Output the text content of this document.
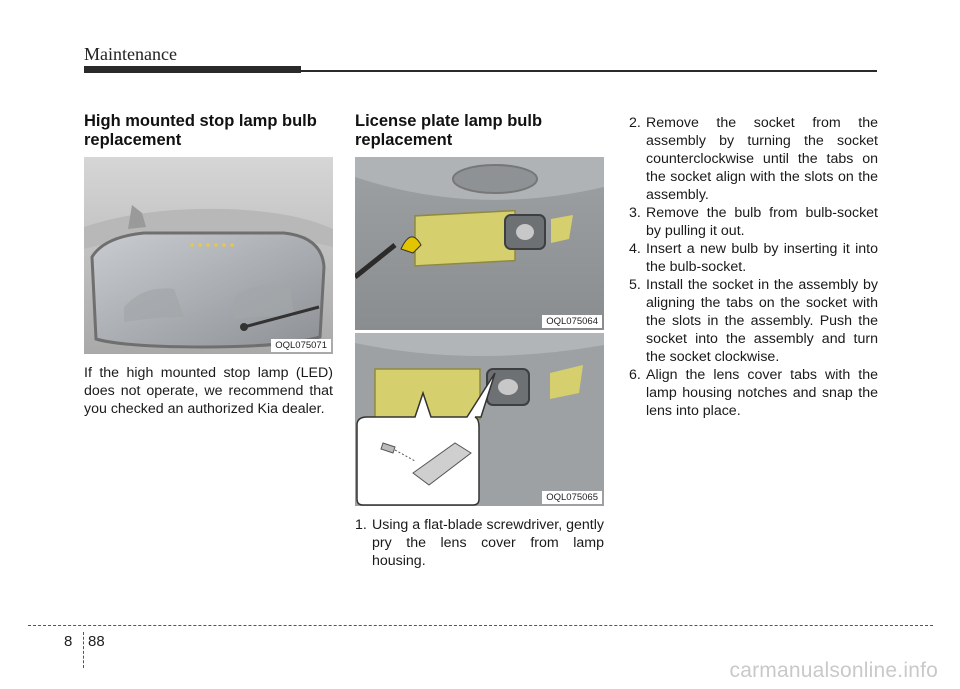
Maintenance
High mounted stop lamp bulb replacement
OQL075071
If the high mounted stop lamp (LED) does not operate, we recommend that you checked an authorized Kia dealer.
License plate lamp bulb replacement
OQL075064
OQL075065
1. Using a flat-blade screwdriver, gently pry the lens cover from lamp housing.
2. Remove the socket from the assembly by turning the socket counterclockwise until the tabs on the socket align with the slots on the assembly.
3. Remove the bulb from bulb-socket by pulling it out.
4. Insert a new bulb by inserting it into the bulb-socket.
5. Install the socket in the assembly by aligning the tabs on the socket with the slots in the assembly. Push the socket into the assembly and turn the socket clockwise.
6. Align the lens cover tabs with the lamp housing notches and snap the lens into place.
8 88
carmanualsonline.info
